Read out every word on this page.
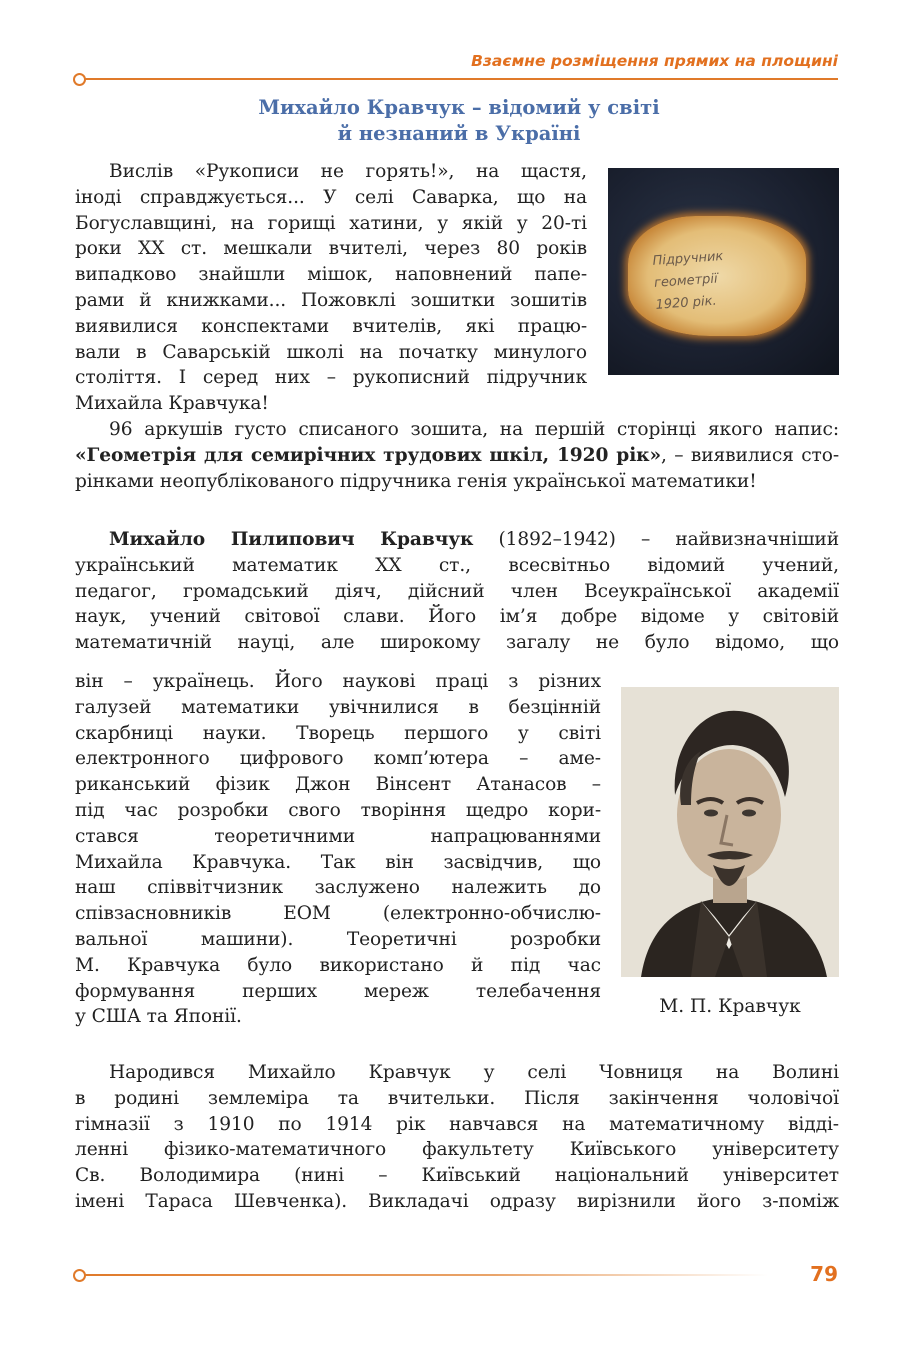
Взаємне розміщення прямих на площині
Михайло Кравчук – відомий у світі
й незнаний в Україні
Вислів «Рукописи не горять!», на щастя,
іноді справджується... У селі Саварка, що на
Богуславщині, на горищі хатини, у якій у 20-ті
роки XX ст. мешкали вчителі, через 80 років
випадково знайшли мішок, наповнений папе-
рами й книжками... Пожовклі зошитки зошитів
виявилися конспектами вчителів, які працю-
вали в Саварській школі на початку минулого
століття. І серед них – рукописний підручник
Михайла Кравчука!
Підручник
геометрії
1920 рік.
96 аркушів густо списаного зошита, на першій сторінці якого напис:
«Геометрія для семирічних трудових шкіл, 1920 рік», – виявилися сто-
рінками неопублікованого підручника генія української математики!
Михайло Пилипович Кравчук (1892–1942) – найвизначніший
український математик XX ст., всесвітньо відомий учений,
педагог, громадський діяч, дійсний член Всеукраїнської академії
наук, учений світової слави. Його ім’я добре відоме у світовій
математичній науці, але широкому загалу не було відомо, що
він – українець. Його наукові праці з різних
галузей математики увічнилися в безцінній
скарбниці науки. Творець першого у світі
електронного цифрового комп’ютера – аме-
риканський фізик Джон Вінсент Атанасов –
під час розробки свого творіння щедро кори-
стався теоретичними напрацюваннями
Михайла Кравчука. Так він засвідчив, що
наш співвітчизник заслужено належить до
співзасновників ЕОМ (електронно-обчислю-
вальної машини). Теоретичні розробки
М. Кравчука було використано й під час
формування перших мереж телебачення
у США та Японії.	М. П. Кравчук
Народився Михайло Кравчук у селі Човниця на Волині
в родині землеміра та вчительки. Після закінчення чоловічої
гімназії з 1910 по 1914 рік навчався на математичному відді-
ленні фізико-математичного факультету Київського університету
Св. Володимира (нині – Київський національний університет
імені Тараса Шевченка). Викладачі одразу вирізнили його з-поміж
79
